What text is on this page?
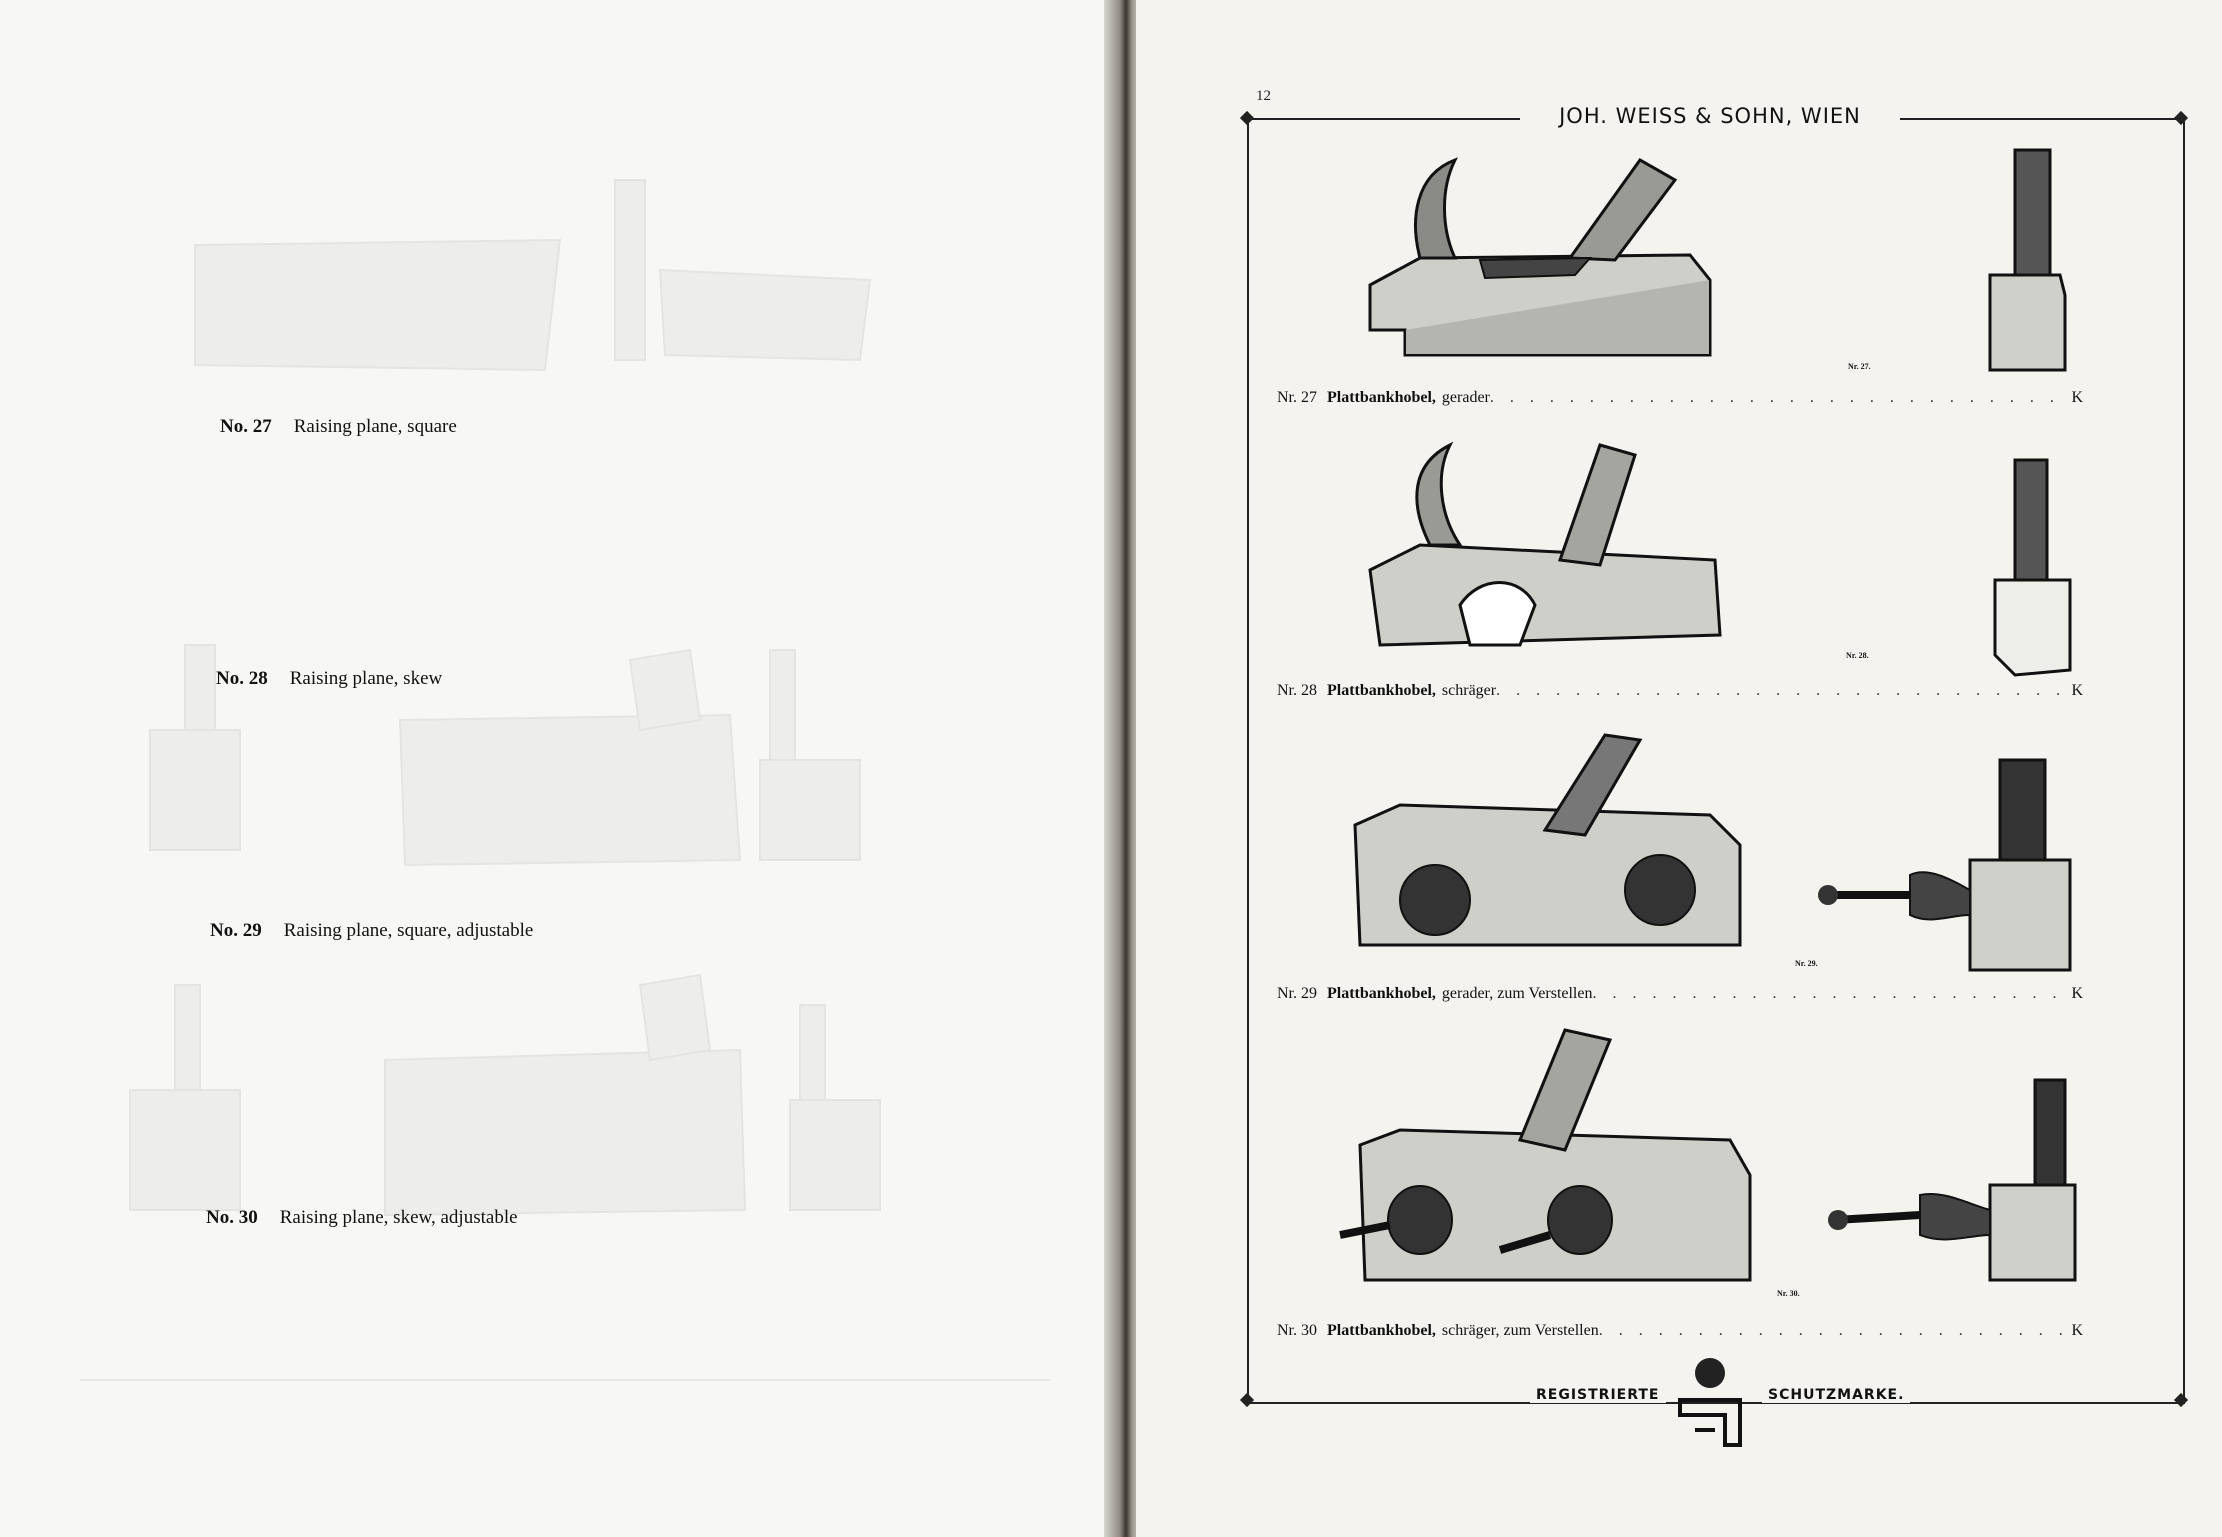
No. 27 Raising plane, square
No. 28 Raising plane, skew
No. 29 Raising plane, square, adjustable
No. 30 Raising plane, skew, adjustable
12
JOH. WEISS & SOHN, WIEN
Nr. 27.
Nr. 28.
Nr. 29.
Nr. 30.
Nr. 27 Plattbankhobel, gerader . . .	K
Nr. 28 Plattbankhobel, schräger . . .	K
Nr. 29 Plattbankhobel, gerader, zum Verstellen . . .	K
Nr. 30 Plattbankhobel, schräger, zum Verstellen . . .	K
REGISTRIERTE	SCHUTZMARKE.
